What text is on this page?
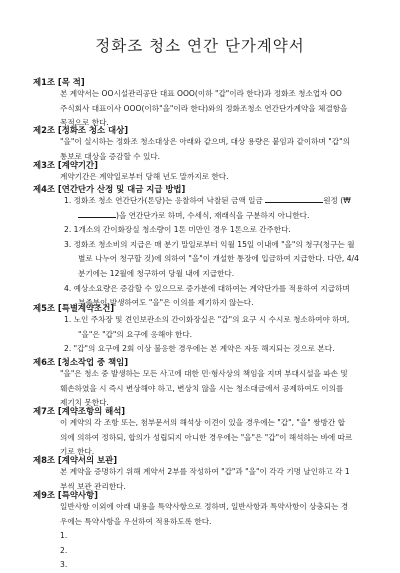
정화조 청소 연간 단가계약서
제1조 [목 적]
본 계약서는 OO시설관리공단 대표 OOO(이하 "갑"이라 한다)과 정화조 청소업자 OO
주식회사 대표이사 OOO(이하"을"이라 한다)와의 정화조청소 연간단가계약을 체결함을
목적으로 한다.
제2조 [정화조 청소 대상]
"을"이 실시하는 정화조 청소대상은 아래와 같으며, 대상 용량은 붙임과 같이하며 "갑"의
통보로 대상을 증감할 수 있다.
제3조 [계약기간]
계약기간은 계약일로부터 당해 년도 말까지로 한다.
제4조 [연간단가 산정 및 대금 지급 방법]
1. 정화조 청소 연간단가(톤당)는 응찰하여 낙찰된 금액 일금	원정 (₩
)을 연간단가로 하며, 수세식, 재래식을 구분하지 아니한다.
2. 1개소의 간이화장실 청소량이 1톤 미만인 경우 1톤으로 간주한다.
3. 정화조 청소비의 지급은 매 분기 말일로부터 익월 15일 이내에 "을"의 청구(청구는 월
별로 나누어 청구할 것)에 의하여 "을"이 개설한 통장에 입금하여 지급한다. 다만, 4/4
분기에는 12월에 청구하여 당월 내에 지급한다.
4. 예상소요량은 증감할 수 있으므로 증가분에 대하여는 계약단가를 적용하여 지급하며
부족분이 발생하여도 "을"은 이의를 제기하지 않는다.
제5조 [특별계약조건]
1. 노인 주차장 및 견인보관소의 간이화장실은 "갑"의 요구 시 수시로 청소하여야 하며,
"을"은 "갑"의 요구에 응해야 한다.
2. "갑"의 요구에 2회 이상 불응한 경우에는 본 계약은 자동 해지되는 것으로 본다.
제6조 [청소작업 중 책임]
"을"은 청소 중 발생하는 모든 사고에 대한 민·형사상의 책임을 지며 부대시설을 파손 및
훼손하였을 시 즉시 변상해야 하고, 변상치 않을 시는 청소대금에서 공제하여도 이의를
제기치 못한다.
제7조 [계약조항의 해석]
이 계약의 각 조항 또는, 첨부문서의 해석상 이견이 있을 경우에는 "갑", "을" 쌍방간 합
의에 의하여 정하되, 합의가 성립되지 아니한 경우에는 "을"은 "갑"이 해석하는 바에 따르
기로 한다.
제8조 [계약서의 보관]
본 계약을 증명하기 위해 계약서 2부를 작성하여 "갑"과 "을"이 각각 기명 날인하고 각 1
부씩 보관 관리한다.
제9조 [특약사항]
일반사항 이외에 아래 내용을 특약사항으로 정하며, 일반사항과 특약사항이 상충되는 경
우에는 특약사항을 우선하여 적용하도록 한다.
1.
2.
3.
